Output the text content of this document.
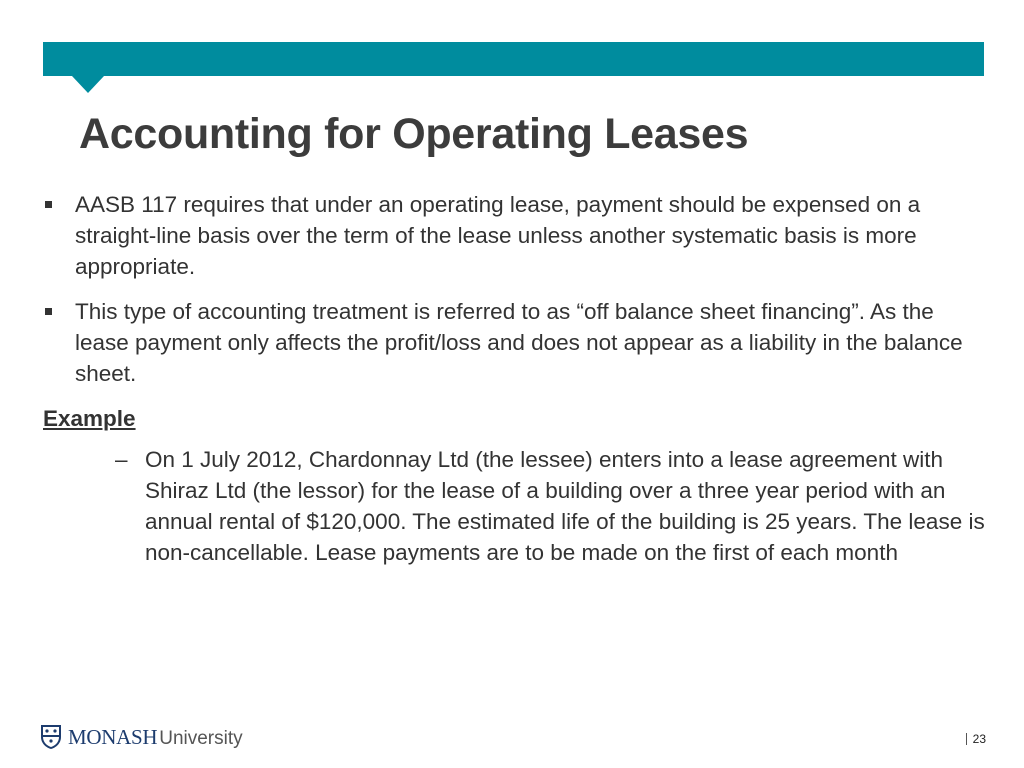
Accounting for Operating Leases
AASB 117 requires that under an operating lease, payment should be expensed on a straight-line basis over the term of the lease unless another systematic basis is more appropriate.
This type of accounting treatment is referred to as “off balance sheet financing”. As the lease payment only affects the profit/loss and does not appear as a liability in the balance sheet.
Example
– On 1 July 2012, Chardonnay Ltd (the lessee) enters into a lease agreement with Shiraz Ltd (the lessor) for the lease of a building over a three year period with an annual rental of $120,000. The estimated life of the building is 25 years. The lease is non-cancellable. Lease payments are to be made on the first of each month
MONASH University	23
